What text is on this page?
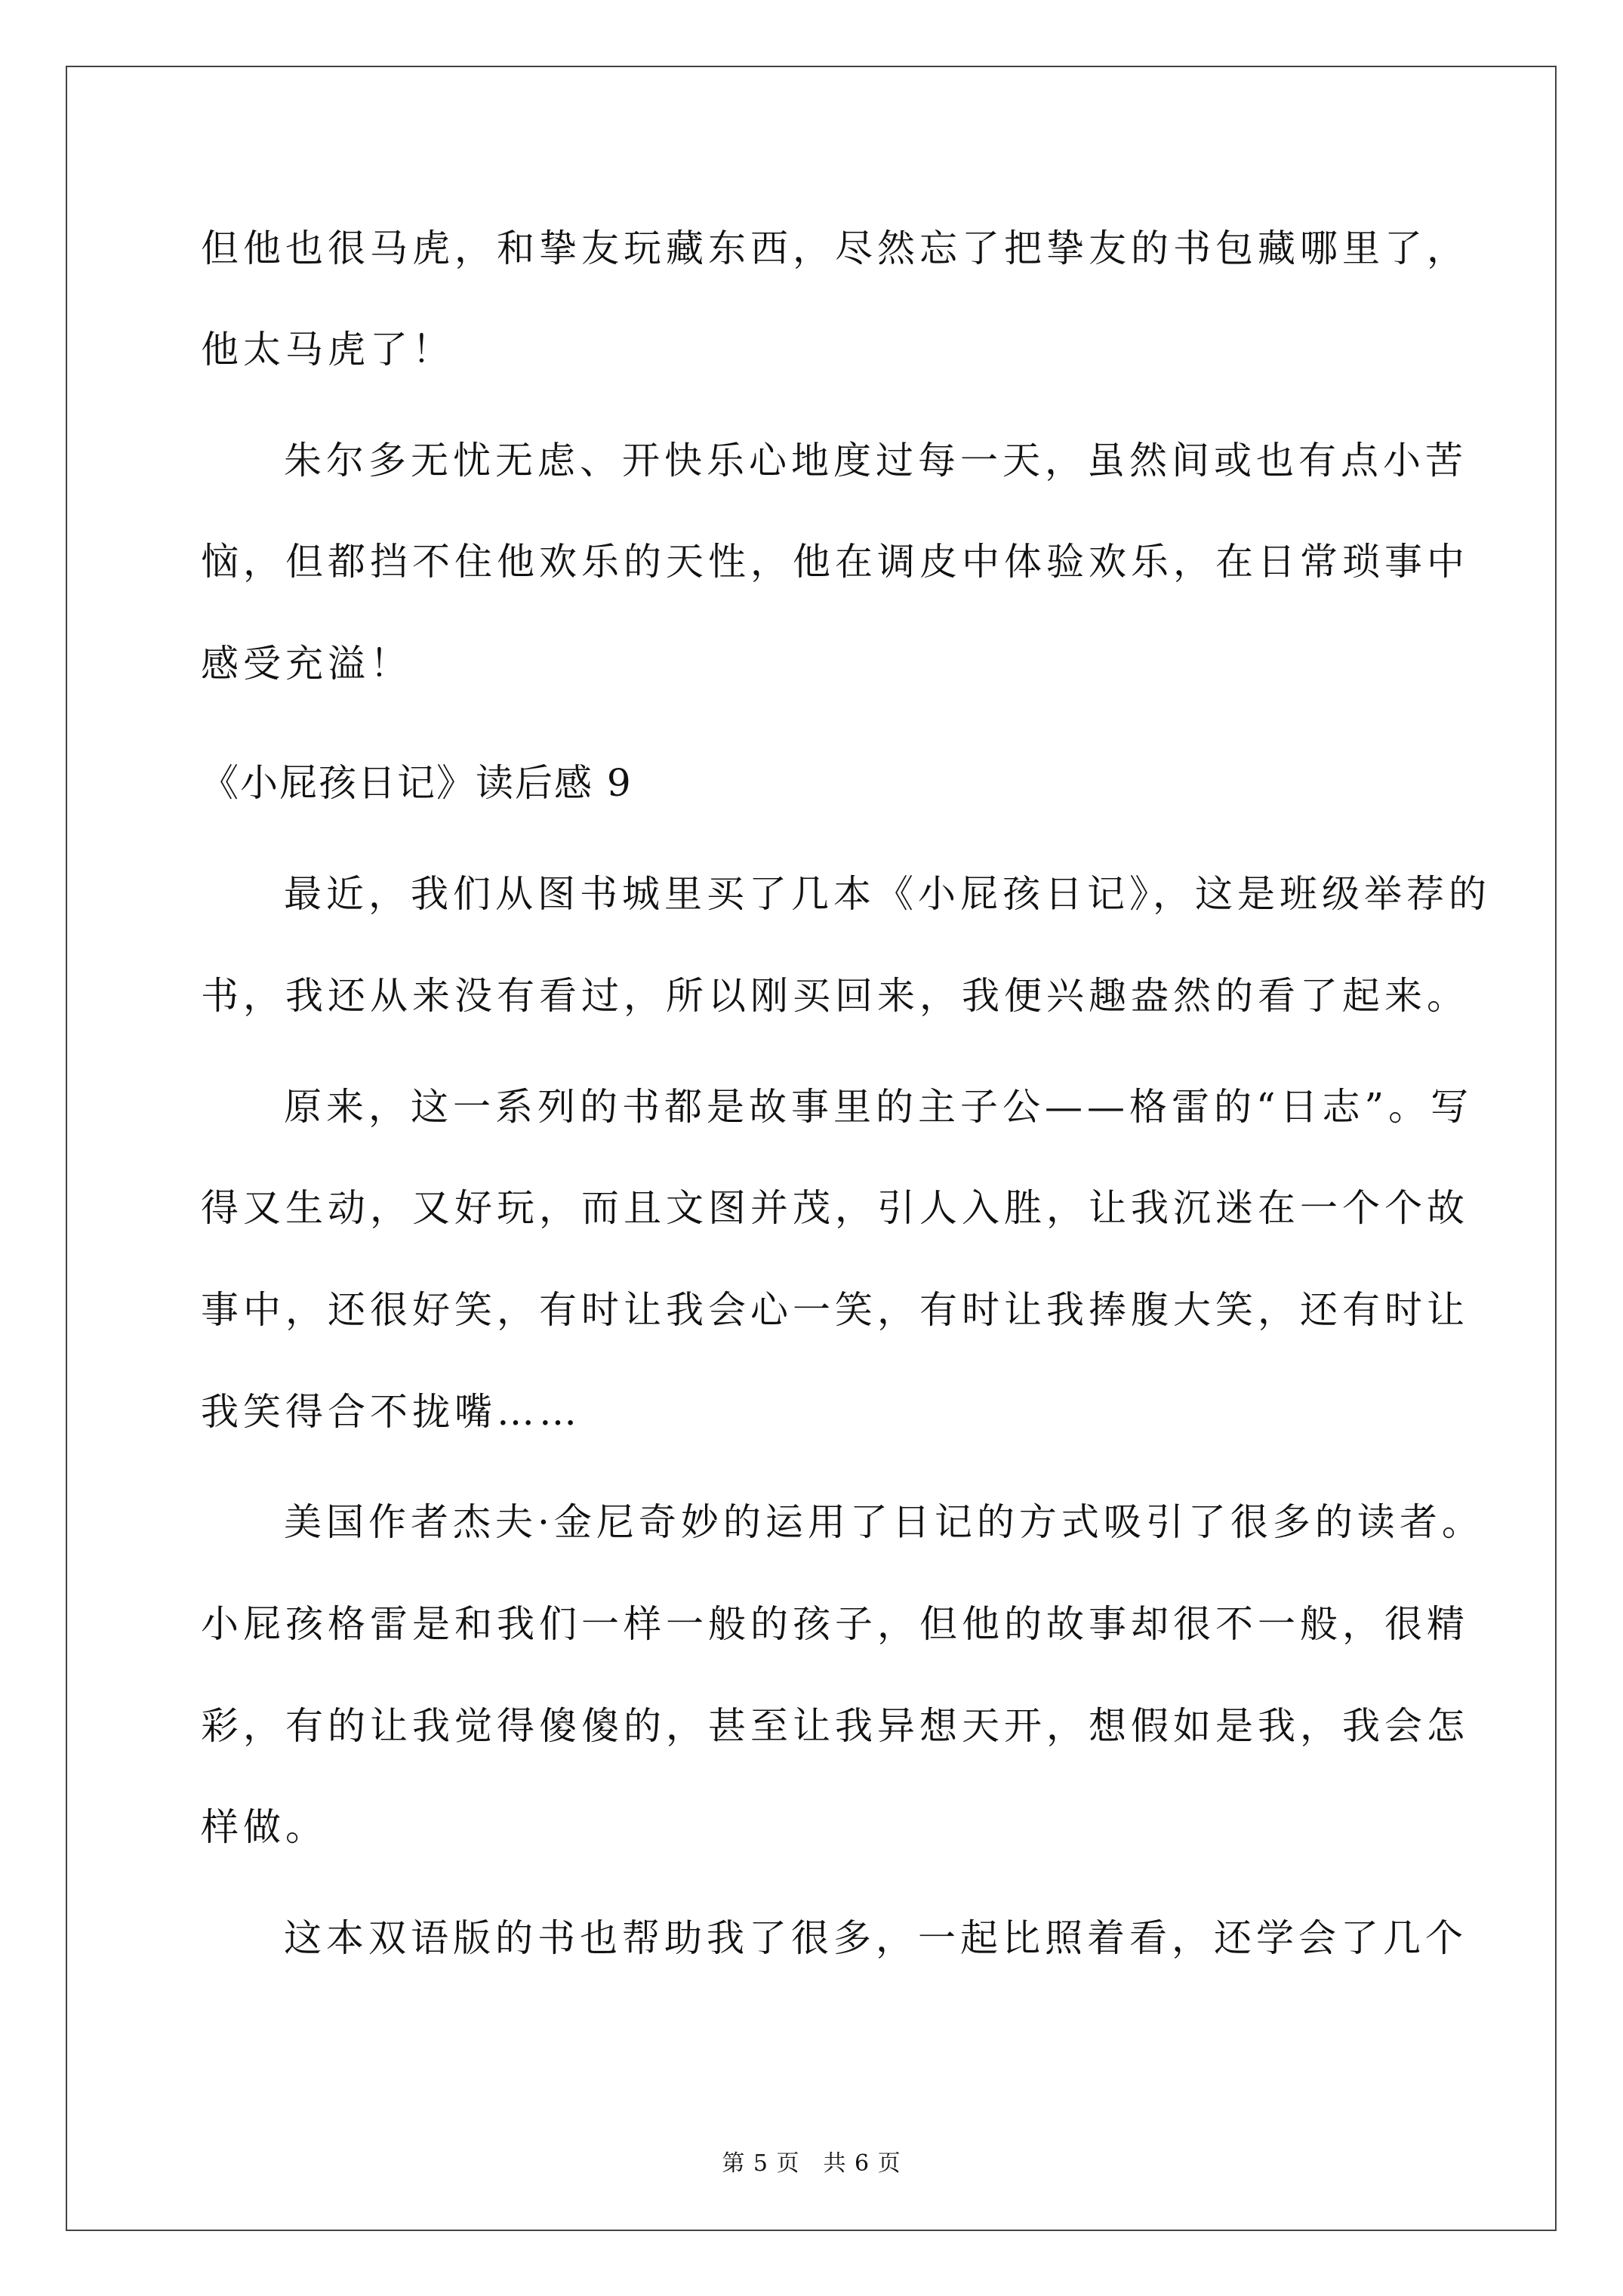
但他也很马虎，和挚友玩藏东西，尽然忘了把挚友的书包藏哪里了，
他太马虎了！
朱尔多无忧无虑、开快乐心地度过每一天，虽然间或也有点小苦
恼，但都挡不住他欢乐的天性，他在调皮中体验欢乐，在日常琐事中
感受充溢！
《小屁孩日记》读后感 9
最近，我们从图书城里买了几本《小屁孩日记》，这是班级举荐的
书，我还从来没有看过，所以刚买回来，我便兴趣盎然的看了起来。
原来，这一系列的书都是故事里的主子公——格雷的“日志”。写
得又生动，又好玩，而且文图并茂，引人入胜，让我沉迷在一个个故
事中，还很好笑，有时让我会心一笑，有时让我捧腹大笑，还有时让
我笑得合不拢嘴……
美国作者杰夫·金尼奇妙的运用了日记的方式吸引了很多的读者。
小屁孩格雷是和我们一样一般的孩子，但他的故事却很不一般，很精
彩，有的让我觉得傻傻的，甚至让我异想天开，想假如是我，我会怎
样做。
这本双语版的书也帮助我了很多，一起比照着看，还学会了几个
第 5 页　共 6 页
